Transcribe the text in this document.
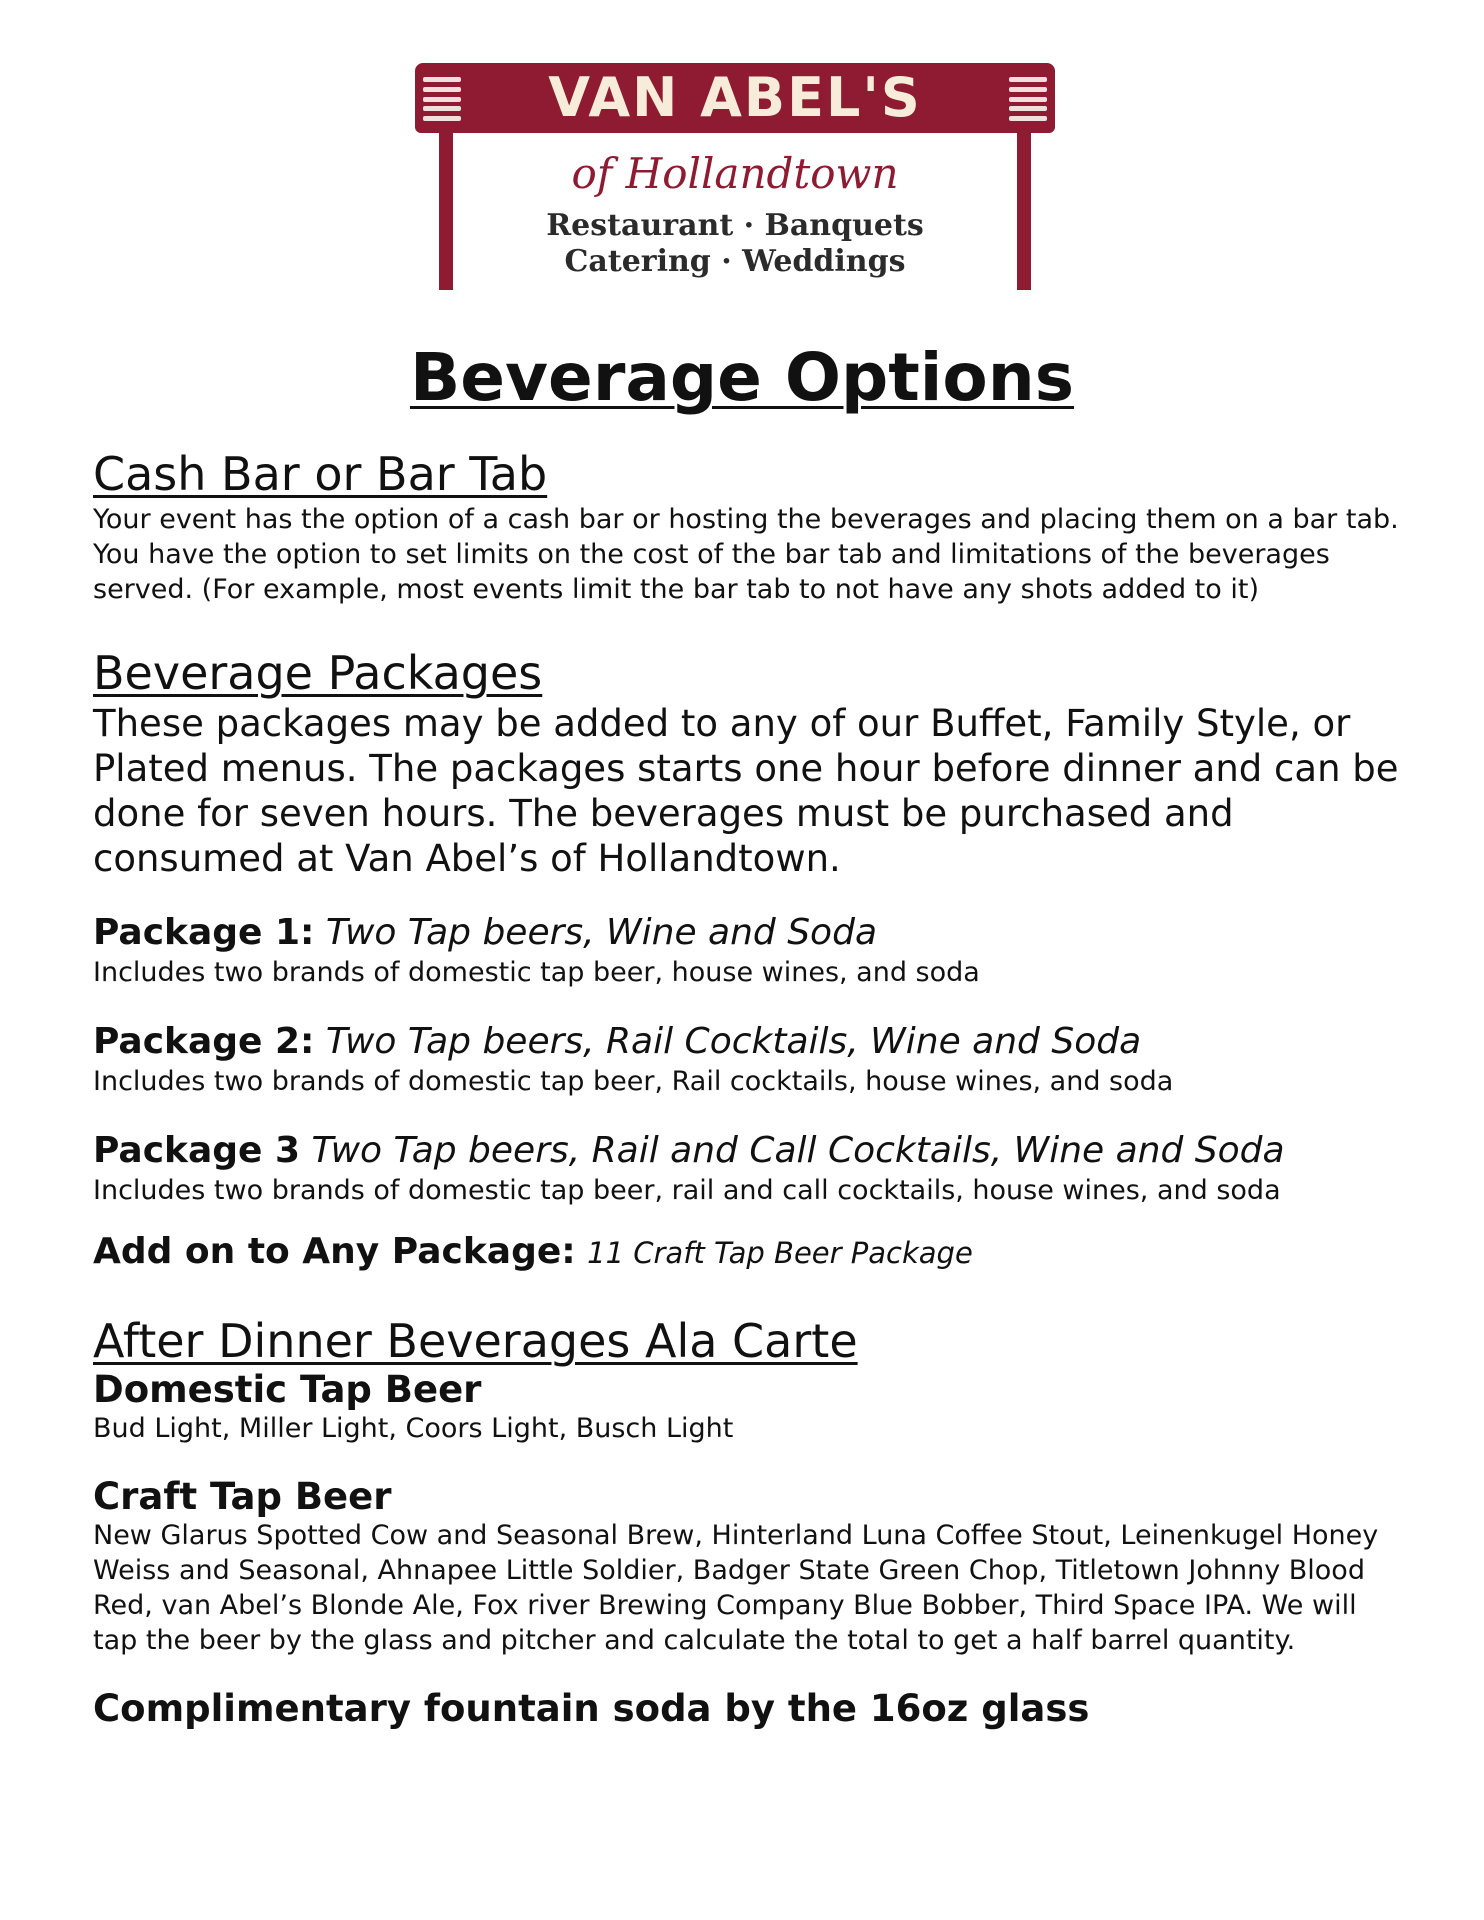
VAN ABEL'S
of Hollandtown
Restaurant · Banquets
Catering · Weddings
Beverage Options
Cash Bar or Bar Tab

Your event has the option of a cash bar or hosting the beverages and placing them on a bar tab. You have the option to set limits on the cost of the bar tab and limitations of the beverages served. (For example, most events limit the bar tab to not have any shots added to it)

Beverage Packages

These packages may be added to any of our Buffet, Family Style, or Plated menus. The packages starts one hour before dinner and can be done for seven hours. The beverages must be purchased and consumed at Van Abel’s of Hollandtown.

Package 1: Two Tap beers, Wine and Soda

Includes two brands of domestic tap beer, house wines, and soda

Package 2: Two Tap beers, Rail Cocktails, Wine and Soda

Includes two brands of domestic tap beer, Rail cocktails, house wines, and soda

Package 3 Two Tap beers, Rail and Call Cocktails, Wine and Soda

Includes two brands of domestic tap beer, rail and call cocktails, house wines, and soda

Add on to Any Package: 11 Craft Tap Beer Package

After Dinner Beverages Ala Carte
Domestic Tap Beer

Bud Light, Miller Light, Coors Light, Busch Light

Craft Tap Beer

New Glarus Spotted Cow and Seasonal Brew, Hinterland Luna Coffee Stout, Leinenkugel Honey Weiss and Seasonal, Ahnapee Little Soldier, Badger State Green Chop, Titletown Johnny Blood Red, van Abel’s Blonde Ale, Fox river Brewing Company Blue Bobber, Third Space IPA. We will tap the beer by the glass and pitcher and calculate the total to get a half barrel quantity.

Complimentary fountain soda by the 16oz glass
